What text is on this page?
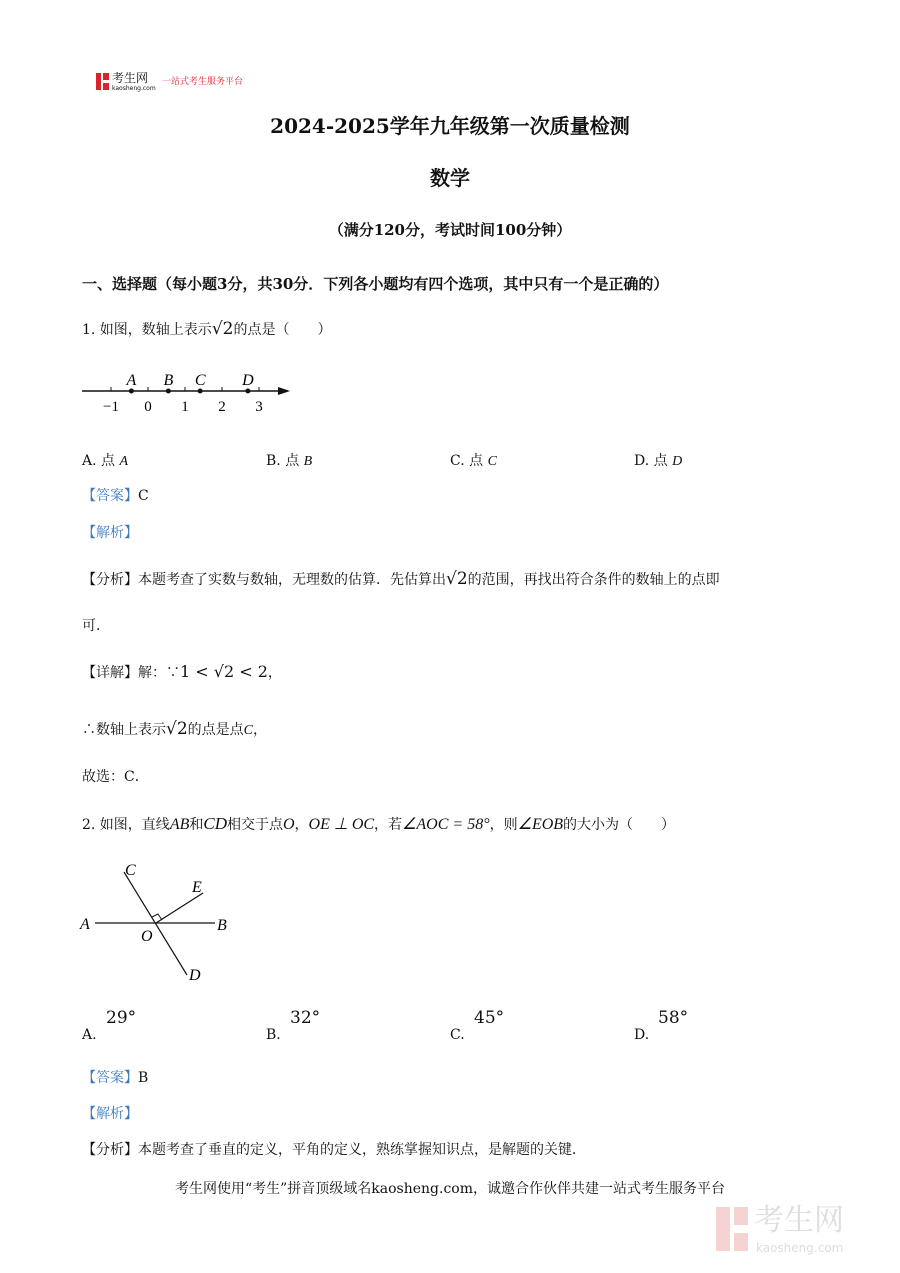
考生网
kaosheng.com
一站式考生服务平台
2024-2025学年九年级第一次质量检测
数学
（满分120分，考试时间100分钟）
一、选择题（每小题3分，共30分．下列各小题均有四个选项，其中只有一个是正确的）
1. 如图，数轴上表示√2的点是（　　）
−1 0 1 2 3
A B C D
A. 点 A	B. 点 B	C. 点 C	D. 点 D
【答案】C
【解析】
【分析】本题考查了实数与数轴，无理数的估算．先估算出√2的范围，再找出符合条件的数轴上的点即
可．
【详解】解：∵1 < √2 < 2，
∴数轴上表示√2的点是点C，
故选：C．
2. 如图，直线AB和CD相交于点O，OE ⊥ OC，若∠AOC = 58°，则∠EOB的大小为（　　）
C
E
A	B
O
D
A.
29°
B.
32°
C.
45°
D.
58°
【答案】B
【解析】
【分析】本题考查了垂直的定义，平角的定义，熟练掌握知识点，是解题的关键．
考生网使用“考生”拼音顶级域名kaosheng.com，诚邀合作伙伴共建一站式考生服务平台
考生网
kaosheng.com
